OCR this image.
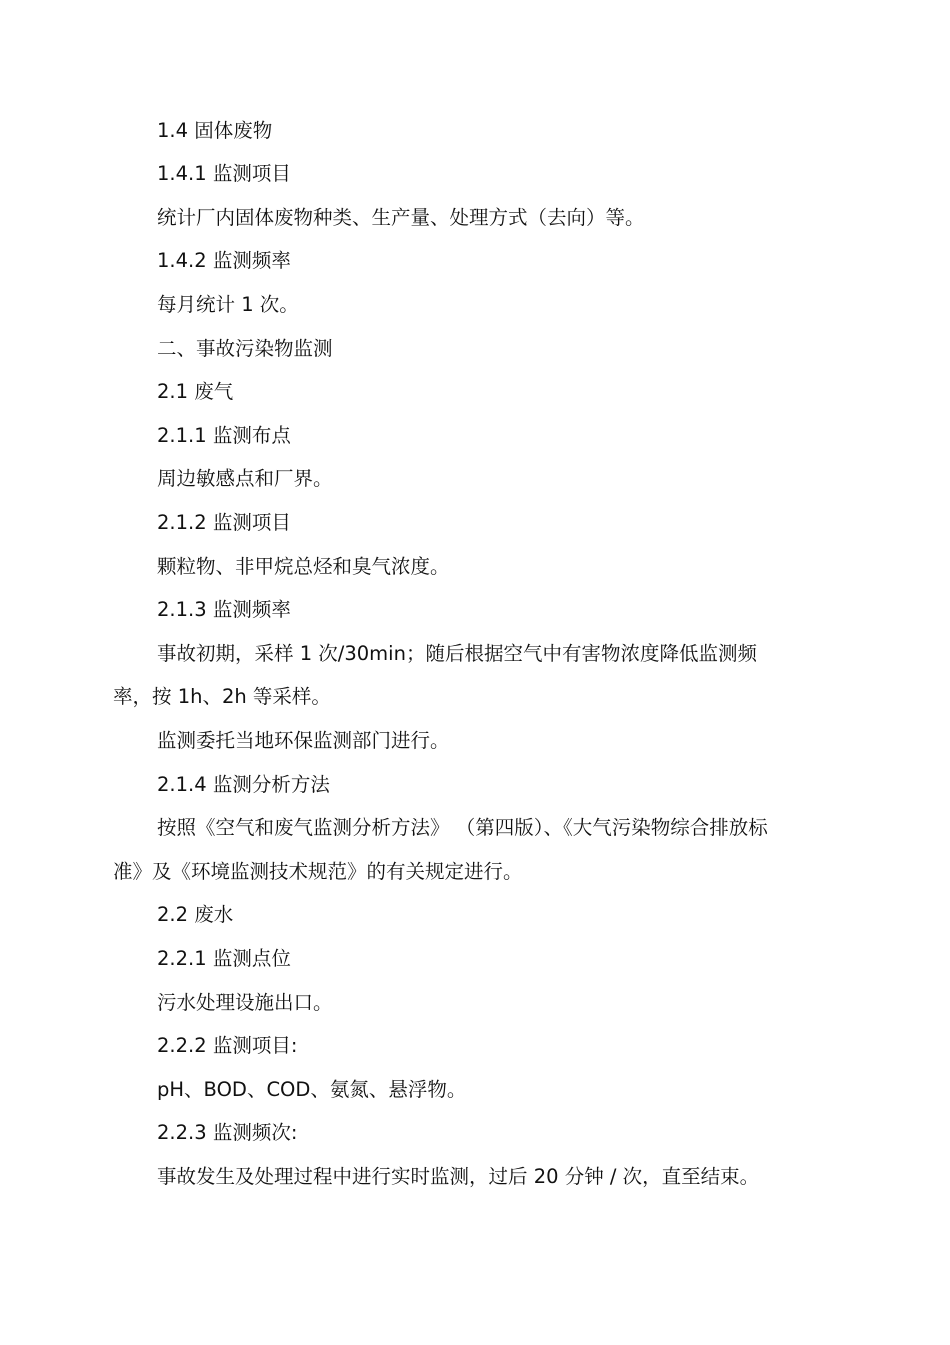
1.4 固体废物
1.4.1 监测项目
统计厂内固体废物种类、生产量、处理方式（去向）等。
1.4.2 监测频率
每月统计 1 次。
二、事故污染物监测
2.1 废气
2.1.1 监测布点
周边敏感点和厂界。
2.1.2 监测项目
颗粒物、非甲烷总烃和臭气浓度。
2.1.3 监测频率
事故初期，采样 1 次/30min；随后根据空气中有害物浓度降低监测频
率，按 1h、2h 等采样。
监测委托当地环保监测部门进行。
2.1.4 监测分析方法
按照《空气和废气监测分析方法》 （第四版）、《大气污染物综合排放标
准》及《环境监测技术规范》的有关规定进行。
2.2 废水
2.2.1 监测点位
污水处理设施出口。
2.2.2 监测项目:
pH、BOD、COD、氨氮、悬浮物。
2.2.3 监测频次:
事故发生及处理过程中进行实时监测，过后 20 分钟 / 次，直至结束。
